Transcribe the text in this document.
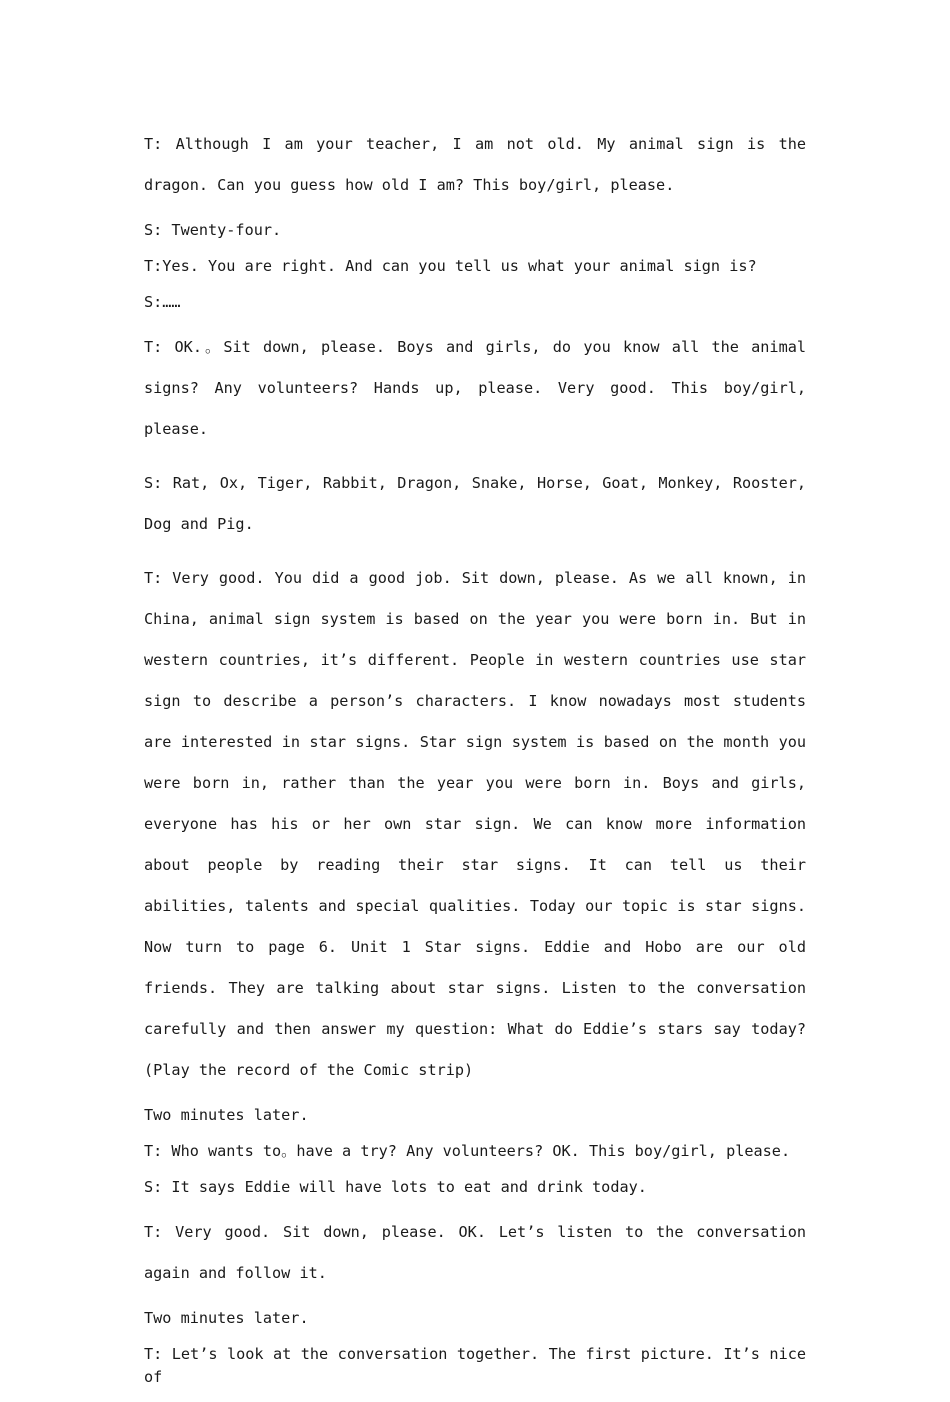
T: Although I am your teacher, I am not old. My animal sign is the dragon. Can you guess how old I am? This boy/girl, please.

S: Twenty-four.

T:Yes. You are right. And can you tell us what your animal sign is?

S:……

T: OK.。Sit down, please. Boys and girls, do you know all the animal signs? Any volunteers? Hands up, please. Very good. This boy/girl, please.

S: Rat, Ox, Tiger, Rabbit, Dragon, Snake, Horse, Goat, Monkey, Rooster, Dog and Pig.

T: Very good. You did a good job. Sit down, please. As we all known, in China, animal sign system is based on the year you were born in. But in western countries, it’s different. People in western countries use star sign to describe a person’s characters. I know nowadays most students are interested in star signs. Star sign system is based on the month you were born in, rather than the year you were born in. Boys and girls, everyone has his or her own star sign. We can know more information about people by reading their star signs. It can tell us their abilities, talents and special qualities. Today our topic is star signs. Now turn to page 6. Unit 1 Star signs. Eddie and Hobo are our old friends. They are talking about star signs. Listen to the conversation carefully and then answer my question: What do Eddie’s stars say today? (Play the record of the Comic strip)

Two minutes later.

T: Who wants to。have a try? Any volunteers? OK. This boy/girl, please.

S: It says Eddie will have lots to eat and drink today.

T: Very good. Sit down, please. OK. Let’s listen to the conversation again and follow it.

Two minutes later.

T: Let’s look at the conversation together. The first picture. It’s nice of
